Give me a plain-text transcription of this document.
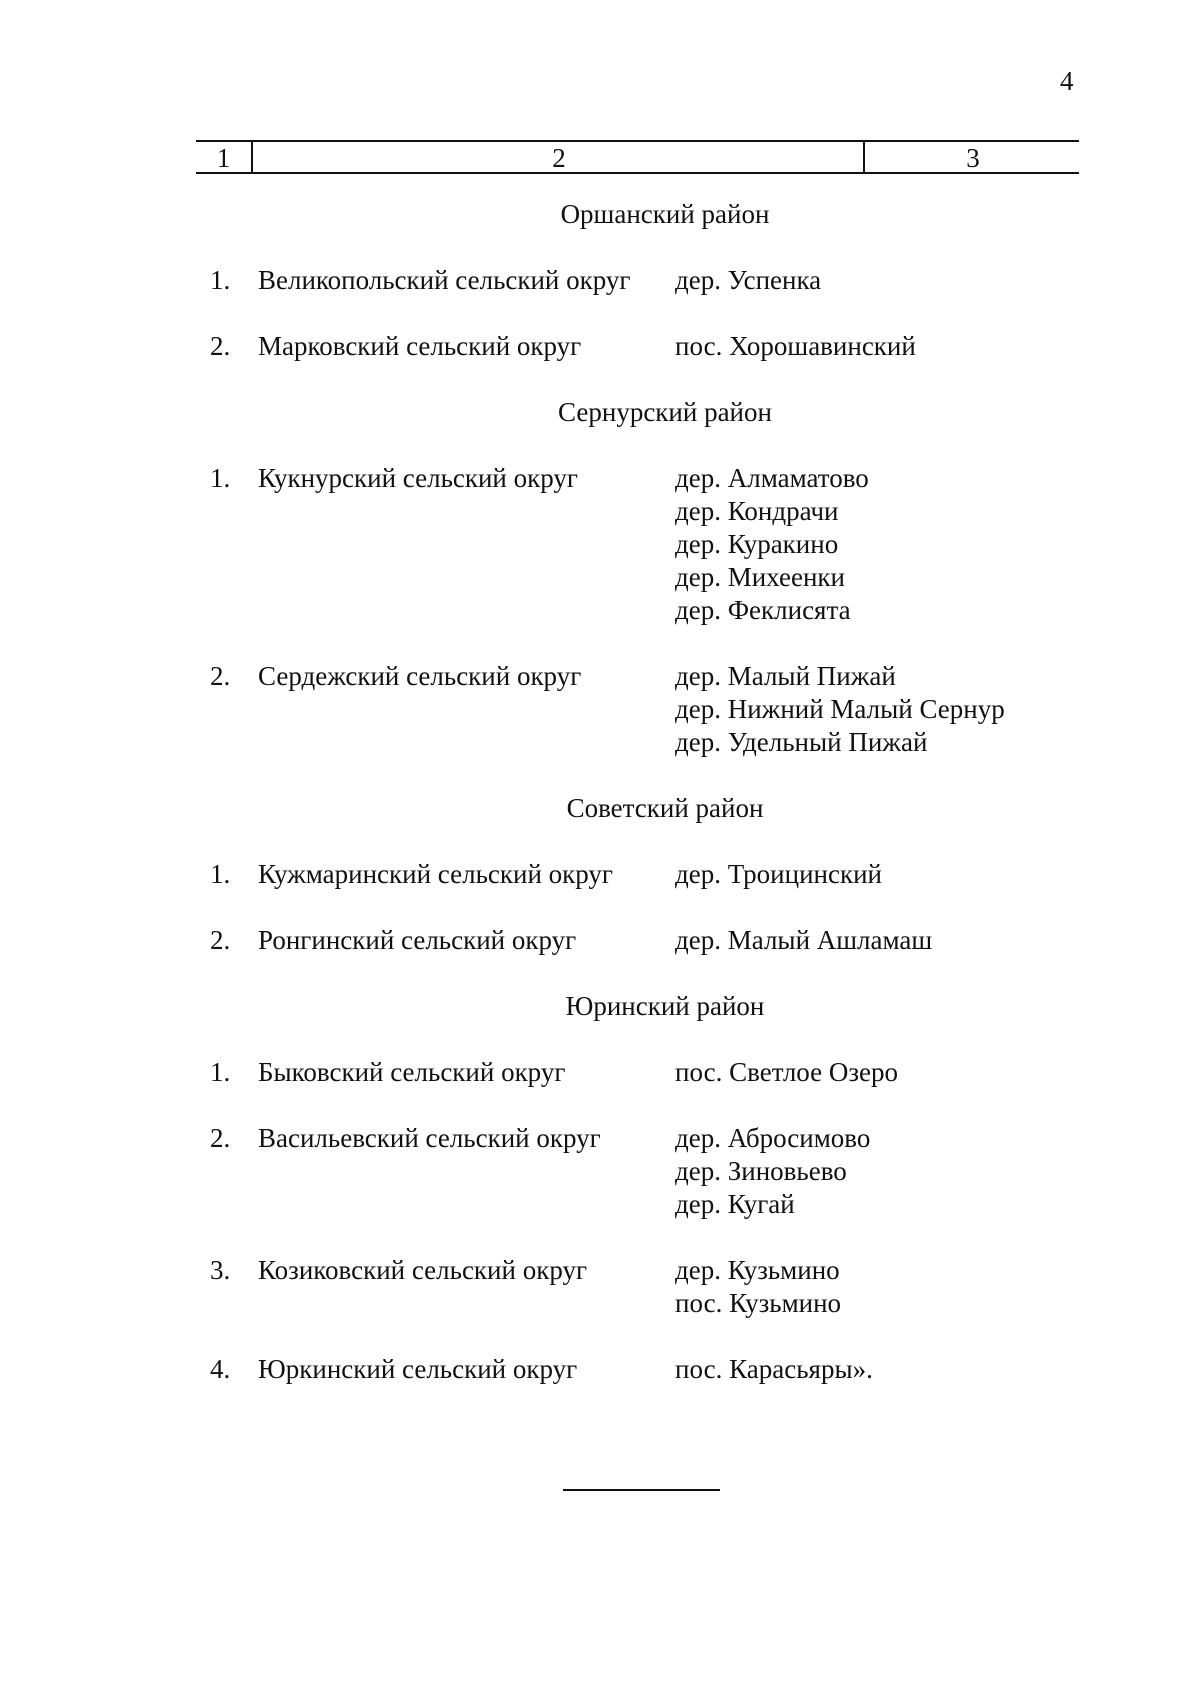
4
1	2	3
Оршанский район
1.	Великопольский сельский округ	дер. Успенка
2.	Марковский сельский округ	пос. Хорошавинский
Сернурский район
1.	Кукнурский сельский округ	дер. Алмаматово
дер. Кондрачи
дер. Куракино
дер. Михеенки
дер. Феклисята
2.	Сердежский сельский округ	дер. Малый Пижай
дер. Нижний Малый Сернур
дер. Удельный Пижай
Советский район
1.	Кужмаринский сельский округ	дер. Троицинский
2.	Ронгинский сельский округ	дер. Малый Ашламаш
Юринский район
1.	Быковский сельский округ	пос. Светлое Озеро
2.	Васильевский сельский округ	дер. Абросимово
дер. Зиновьево
дер. Кугай
3.	Козиковский сельский округ	дер. Кузьмино
пос. Кузьмино
4.	Юркинский сельский округ	пос. Карасьяры».
